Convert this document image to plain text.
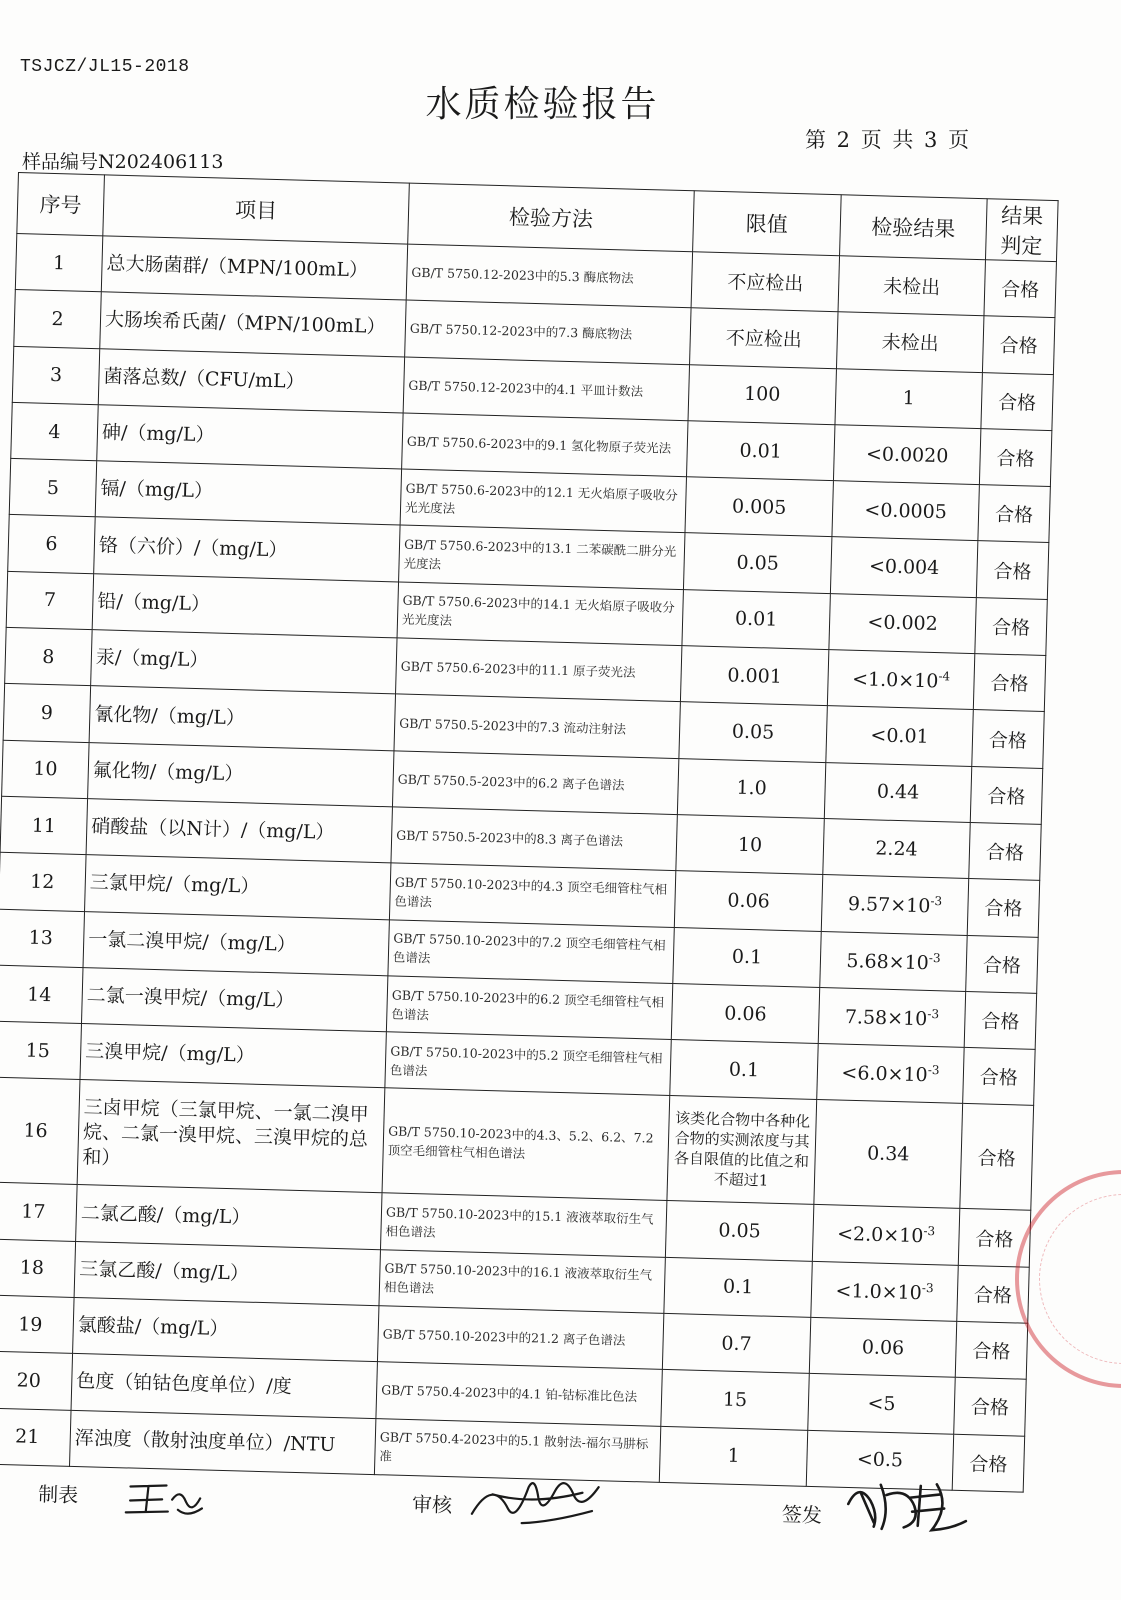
TSJCZ/JL15-2018
水质检验报告
第 2 页 共 3 页
样品编号N202406113
序号	项目	检验方法	限值	检验结果	结果判定
1	总大肠菌群/（MPN/100mL）	GB/T 5750.12-2023中的5.3 酶底物法	不应检出	未检出	合格
2	大肠埃希氏菌/（MPN/100mL）	GB/T 5750.12-2023中的7.3 酶底物法	不应检出	未检出	合格
3	菌落总数/（CFU/mL）	GB/T 5750.12-2023中的4.1 平皿计数法	100	1	合格
4	砷/（mg/L）	GB/T 5750.6-2023中的9.1 氢化物原子荧光法	0.01	<0.0020	合格
5	镉/（mg/L）	GB/T 5750.6-2023中的12.1 无火焰原子吸收分光光度法	0.005	<0.0005	合格
6	铬（六价）/（mg/L）	GB/T 5750.6-2023中的13.1 二苯碳酰二肼分光光度法	0.05	<0.004	合格
7	铅/（mg/L）	GB/T 5750.6-2023中的14.1 无火焰原子吸收分光光度法	0.01	<0.002	合格
8	汞/（mg/L）	GB/T 5750.6-2023中的11.1 原子荧光法	0.001	$<1.0\times 10^{-4}$	合格
9	氰化物/（mg/L）	GB/T 5750.5-2023中的7.3 流动注射法	0.05	<0.01	合格
10	氟化物/（mg/L）	GB/T 5750.5-2023中的6.2 离子色谱法	1.0	0.44	合格
11	硝酸盐（以N计）/（mg/L）	GB/T 5750.5-2023中的8.3 离子色谱法	10	2.24	合格
12	三氯甲烷/（mg/L）	GB/T 5750.10-2023中的4.3 顶空毛细管柱气相色谱法	0.06	$9.57\times 10^{-3}$	合格
13	一氯二溴甲烷/（mg/L）	GB/T 5750.10-2023中的7.2 顶空毛细管柱气相色谱法	0.1	$5.68\times 10^{-3}$	合格
14	二氯一溴甲烷/（mg/L）	GB/T 5750.10-2023中的6.2 顶空毛细管柱气相色谱法	0.06	$7.58\times 10^{-3}$	合格
15	三溴甲烷/（mg/L）	GB/T 5750.10-2023中的5.2 顶空毛细管柱气相色谱法	0.1	$<6.0\times 10^{-3}$	合格
16	三卤甲烷（三氯甲烷、一氯二溴甲烷、二氯一溴甲烷、三溴甲烷的总和）	GB/T 5750.10-2023中的4.3、5.2、6.2、7.2 顶空毛细管柱气相色谱法	该类化合物中各种化合物的实测浓度与其各自限值的比值之和不超过1	0.34	合格
17	二氯乙酸/（mg/L）	GB/T 5750.10-2023中的15.1 液液萃取衍生气相色谱法	0.05	$<2.0\times 10^{-3}$	合格
18	三氯乙酸/（mg/L）	GB/T 5750.10-2023中的16.1 液液萃取衍生气相色谱法	0.1	$<1.0\times 10^{-3}$	合格
19	氯酸盐/（mg/L）	GB/T 5750.10-2023中的21.2 离子色谱法	0.7	0.06	合格
20	色度（铂钴色度单位）/度	GB/T 5750.4-2023中的4.1 铂-钴标准比色法	15	<5	合格
21	浑浊度（散射浊度单位）/NTU	GB/T 5750.4-2023中的5.1 散射法-福尔马肼标准	1	<0.5	合格
制表	审核	签发
